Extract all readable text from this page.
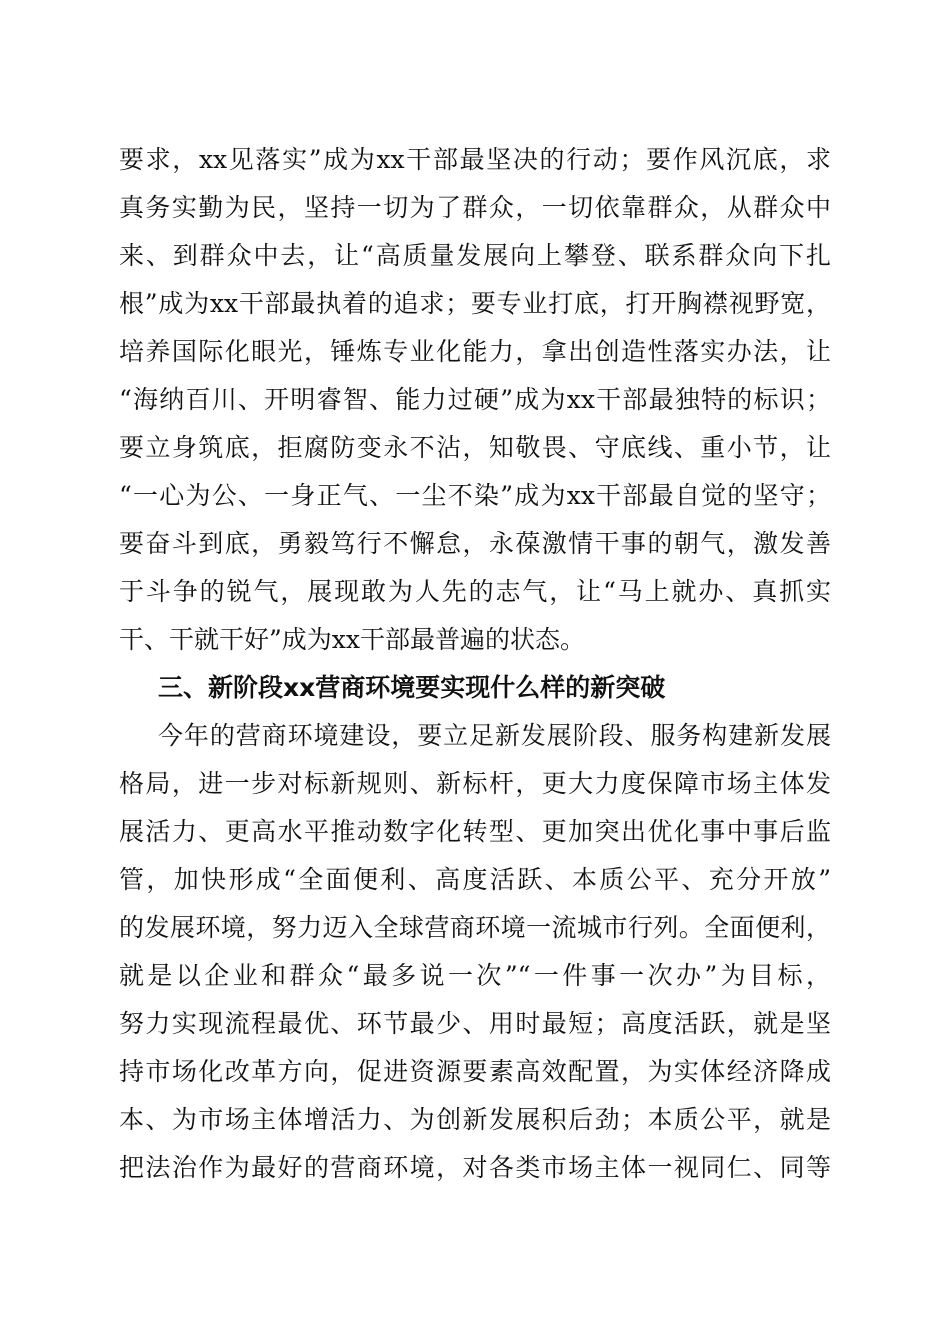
要求，xx见落实”成为xx干部最坚决的行动；要作风沉底，求
真务实勤为民，坚持一切为了群众，一切依靠群众，从群众中
来、到群众中去，让“高质量发展向上攀登、联系群众向下扎
根”成为xx干部最执着的追求；要专业打底，打开胸襟视野宽，
培养国际化眼光，锤炼专业化能力，拿出创造性落实办法，让
“海纳百川、开明睿智、能力过硬”成为xx干部最独特的标识；
要立身筑底，拒腐防变永不沾，知敬畏、守底线、重小节，让
“一心为公、一身正气、一尘不染”成为xx干部最自觉的坚守；
要奋斗到底，勇毅笃行不懈怠，永葆激情干事的朝气，激发善
于斗争的锐气，展现敢为人先的志气，让“马上就办、真抓实
干、干就干好”成为xx干部最普遍的状态。
三、新阶段xx营商环境要实现什么样的新突破
今年的营商环境建设，要立足新发展阶段、服务构建新发展
格局，进一步对标新规则、新标杆，更大力度保障市场主体发
展活力、更高水平推动数字化转型、更加突出优化事中事后监
管，加快形成“全面便利、高度活跃、本质公平、充分开放”
的发展环境，努力迈入全球营商环境一流城市行列。全面便利，
就是以企业和群众“最多说一次”“一件事一次办”为目标，
努力实现流程最优、环节最少、用时最短；高度活跃，就是坚
持市场化改革方向，促进资源要素高效配置，为实体经济降成
本、为市场主体增活力、为创新发展积后劲；本质公平，就是
把法治作为最好的营商环境，对各类市场主体一视同仁、同等
